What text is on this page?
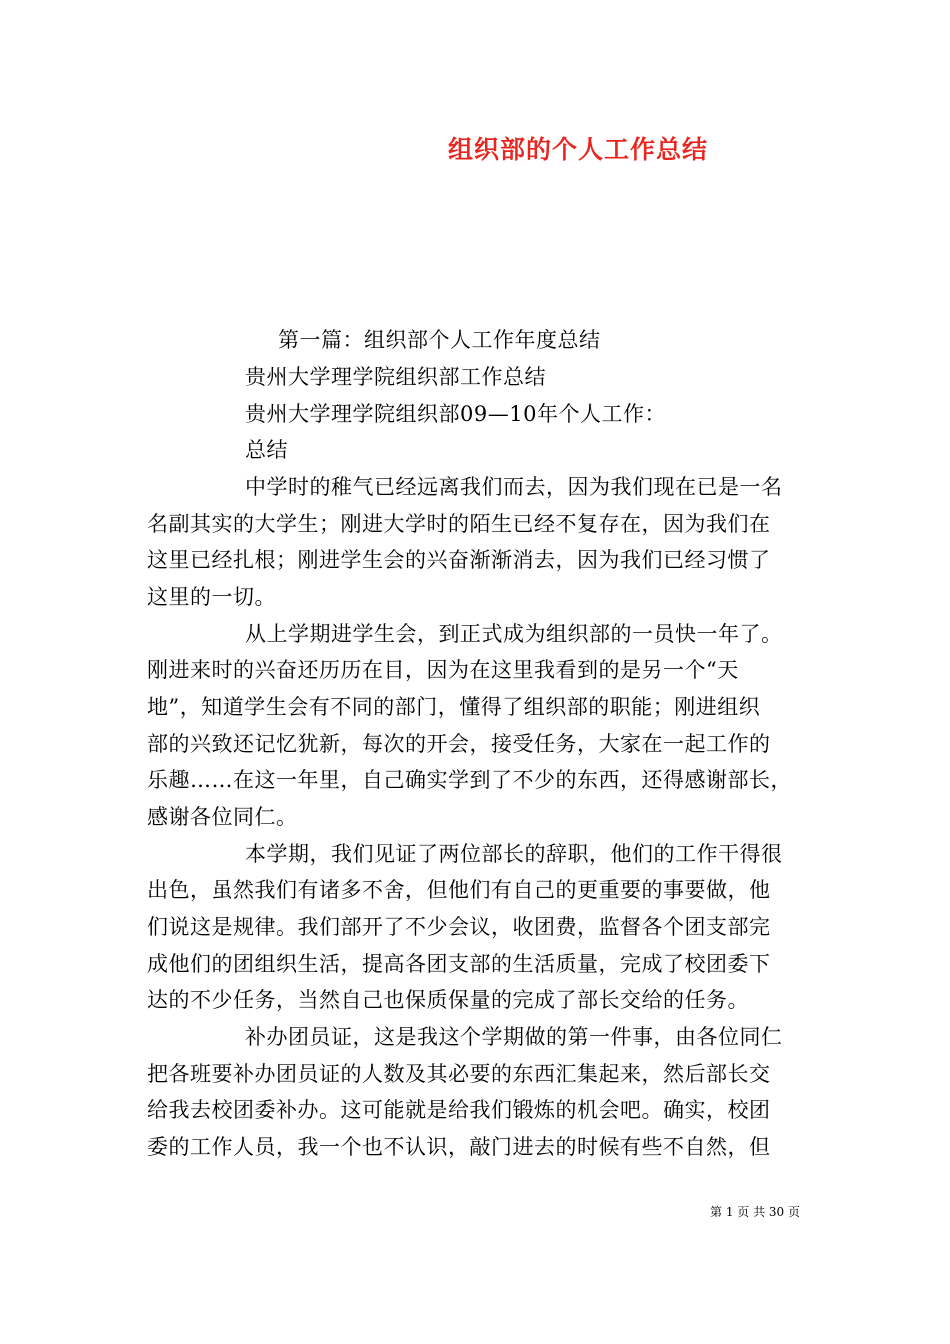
组织部的个人工作总结
第一篇：组织部个人工作年度总结
贵州大学理学院组织部工作总结
贵州大学理学院组织部09—10年个人工作：
总结
中学时的稚气已经远离我们而去，因为我们现在已是一名
名副其实的大学生；刚进大学时的陌生已经不复存在，因为我们在
这里已经扎根；刚进学生会的兴奋渐渐消去，因为我们已经习惯了
这里的一切。
从上学期进学生会，到正式成为组织部的一员快一年了。
刚进来时的兴奋还历历在目，因为在这里我看到的是另一个“天
地”，知道学生会有不同的部门，懂得了组织部的职能；刚进组织
部的兴致还记忆犹新，每次的开会，接受任务，大家在一起工作的
乐趣……在这一年里，自己确实学到了不少的东西，还得感谢部长，
感谢各位同仁。
本学期，我们见证了两位部长的辞职，他们的工作干得很
出色，虽然我们有诸多不舍，但他们有自己的更重要的事要做，他
们说这是规律。我们部开了不少会议，收团费，监督各个团支部完
成他们的团组织生活，提高各团支部的生活质量，完成了校团委下
达的不少任务，当然自己也保质保量的完成了部长交给的任务。
补办团员证，这是我这个学期做的第一件事，由各位同仁
把各班要补办团员证的人数及其必要的东西汇集起来，然后部长交
给我去校团委补办。这可能就是给我们锻炼的机会吧。确实，校团
委的工作人员，我一个也不认识，敲门进去的时候有些不自然，但
第 1 页 共 30 页
